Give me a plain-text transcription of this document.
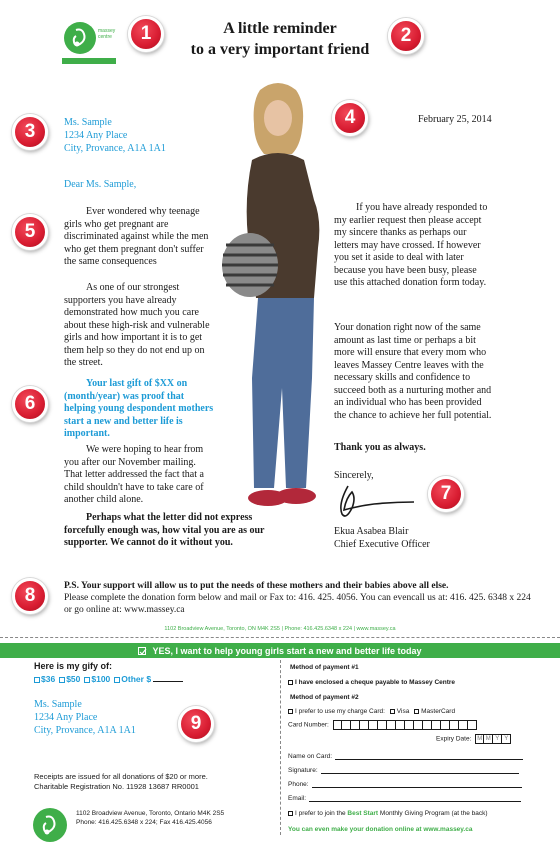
massey centre	1	2
3
4
5
6
7
8
9
A little reminder
to a very important friend
Ms. Sample
1234 Any Place
City, Provance, A1A 1A1
February 25, 2014
Dear Ms. Sample,
Ever wondered why teenage girls who get pregnant are discriminated against while the men who get them pregnant don't suffer the same consequences
As one of our strongest supporters you have already demonstrated how much you care about these high-risk and vulnerable girls and how important it is to get them help so they do not end up on the street.
Your last gift of $XX on (month/year) was proof that helping young despondent mothers start a new and better life is important.
We were hoping to hear from you after our November mailing. That letter addressed the fact that a child shouldn't have to take care of another child alone.
Perhaps what the letter did not express forcefully enough was, how vital you are as our supporter. We cannot do it without you.
If you have already responded to my earlier request then please accept my sincere thanks as perhaps our letters may have crossed. If however you set it aside to deal with later because you have been busy, please use this attached donation form today.
Your donation right now of the same amount as last time or perhaps a bit more will ensure that every mom who leaves Massey Centre leaves with the necessary skills and confidence to succeed both as a nurturing mother and an individual who has been provided the chance to achieve her full potential.
Thank you as always.
Sincerely,
Ekua Asabea Blair
Chief Executive Officer
P.S. Your support will allow us to put the needs of these mothers and their babies above all else.
Please complete the donation form below and mail or Fax to: 416. 425. 4056. You can evencall us at: 416. 425. 6348 x 224 or go online at: www.massey.ca
1102 Broadview Avenue, Toronto, ON M4K 2S5 | Phone: 416.425.6348 x 224 | www.massey.ca
YES, I want to help young girls start a new and better life today
Here is my gify of:
$36	$50	$100	Other $
Ms. Sample
1234 Any Place
City, Provance, A1A 1A1
Method of payment #1
I have enclosed a cheque payable to Massey Centre
Method of payment #2
I prefer to use my charge Card: Visa MasterCard
Card Number:
Expiry Date: M M Y Y
Name on Card:
Signature:
Phone:
Email:
I prefer to join the Best Start Monthly Giving Program (at the back)
You can even make your donation online at www.massey.ca
Receipts are issued for all donations of $20 or more.
Charitable Registration No. 11928 13687 RR0001
1102 Broadview Avenue, Toronto, Ontario M4K 2S5
Phone: 416.425.6348 x 224; Fax 416.425.4056
